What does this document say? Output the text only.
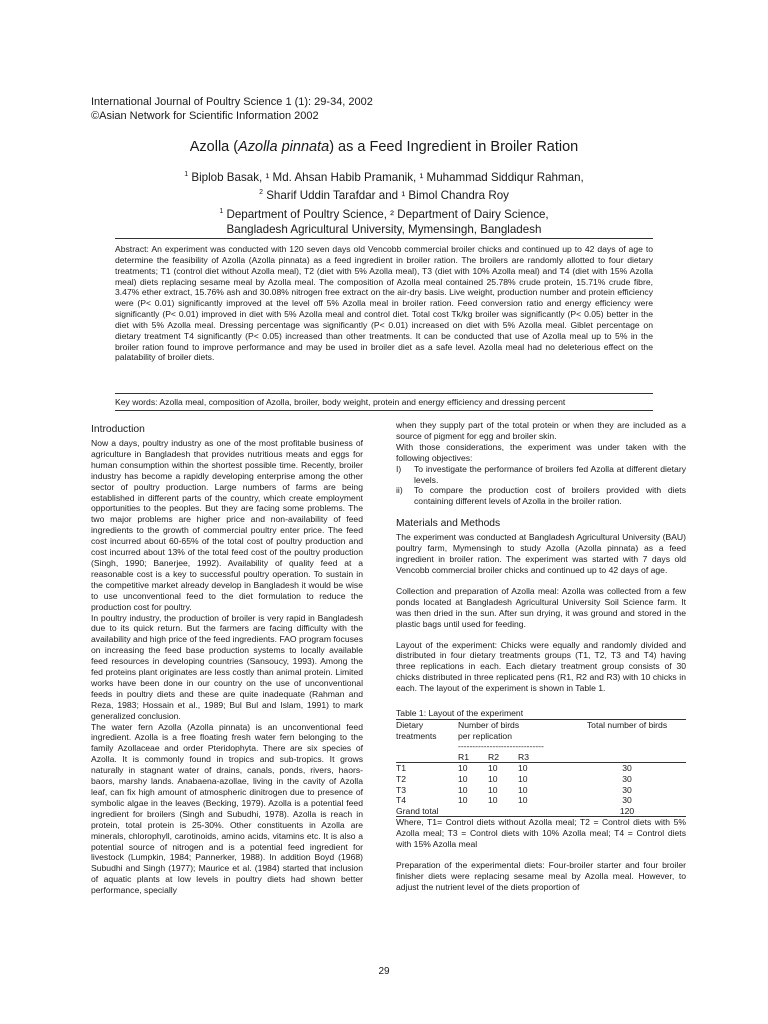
International Journal of Poultry Science 1 (1): 29-34, 2002
©Asian Network for Scientific Information 2002
Azolla (Azolla pinnata) as a Feed Ingredient in Broiler Ration
$^1$ Biplob Basak, ¹ Md. Ahsan Habib Pramanik, ¹ Muhammad Siddiqur Rahman,
$^2$ Sharif Uddin Tarafdar and ¹ Bimol Chandra Roy
$^1$ Department of Poultry Science, ² Department of Dairy Science,
Bangladesh Agricultural University, Mymensingh, Bangladesh
Abstract: An experiment was conducted with 120 seven days old Vencobb commercial broiler chicks and continued up to 42 days of age to determine the feasibility of Azolla (Azolla pinnata) as a feed ingredient in broiler ration. The broilers are randomly allotted to four dietary treatments; T1 (control diet without Azolla meal), T2 (diet with 5% Azolla meal), T3 (diet with 10% Azolla meal) and T4 (diet with 15% Azolla meal) diets replacing sesame meal by Azolla meal. The composition of Azolla meal contained 25.78% crude protein, 15.71% crude fibre, 3.47% ether extract, 15.76% ash and 30.08% nitrogen free extract on the air-dry basis. Live weight, production number and protein efficiency were (P< 0.01) significantly improved at the level off 5% Azolla meal in broiler ration. Feed conversion ratio and energy efficiency were significantly (P< 0.01) improved in diet with 5% Azolla meal and control diet. Total cost Tk/kg broiler was significantly (P< 0.05) better in the diet with 5% Azolla meal. Dressing percentage was significantly (P< 0.01) increased on diet with 5% Azolla meal. Giblet percentage on dietary treatment T4 significantly (P< 0.05) increased than other treatments. It can be conducted that use of Azolla meal up to 5% in the broiler ration found to improve performance and may be used in broiler diet as a safe level. Azolla meal had no deleterious effect on the palatability of broiler diets.
Key words: Azolla meal, composition of Azolla, broiler, body weight, protein and energy efficiency and dressing percent
Introduction

Now a days, poultry industry as one of the most profitable business of agriculture in Bangladesh that provides nutritious meats and eggs for human consumption within the shortest possible time. Recently, broiler industry has become a rapidly developing enterprise among the other sector of poultry production. Large numbers of farms are being established in different parts of the country, which create employment opportunities to the peoples. But they are facing some problems. The two major problems are higher price and non-availability of feed ingredients to the growth of commercial poultry enter price. The feed cost incurred about 60-65% of the total cost of poultry production and cost incurred about 13% of the total feed cost of the poultry production (Singh, 1990; Banerjee, 1992). Availability of quality feed at a reasonable cost is a key to successful poultry operation. To sustain in the competitive market already develop in Bangladesh it would be wise to use unconventional feed to the diet formulation to reduce the production cost for poultry.

In poultry industry, the production of broiler is very rapid in Bangladesh due to its quick return. But the farmers are facing difficulty with the availability and high price of the feed ingredients. FAO program focuses on increasing the feed base production systems to locally available feed resources in developing countries (Sansoucy, 1993). Among the fed proteins plant originates are less costly than animal protein. Limited works have been done in our country on the use of unconventional feeds in poultry diets and these are quite inadequate (Rahman and Reza, 1983; Hossain et al., 1989; Bul Bul and Islam, 1991) to mark generalized conclusion.

The water fern Azolla (Azolla pinnata) is an unconventional feed ingredient. Azolla is a free floating fresh water fern belonging to the family Azollaceae and order Pteridophyta. There are six species of Azolla. It is commonly found in tropics and sub-tropics. It grows naturally in stagnant water of drains, canals, ponds, rivers, haors-baors, marshy lands. Anabaena-azollae, living in the cavity of Azolla leaf, can fix high amount of atmospheric dinitrogen due to presence of symbolic algae in the leaves (Becking, 1979). Azolla is a potential feed ingredient for broilers (Singh and Subudhi, 1978). Azolla is reach in protein, total protein is 25-30%. Other constituents in Azolla are minerals, chlorophyll, carotinoids, amino acids, vitamins etc. It is also a potential source of nitrogen and is a potential feed ingredient for livestock (Lumpkin, 1984; Pannerker, 1988). In addition Boyd (1968) Subudhi and Singh (1977); Maurice et al. (1984) started that inclusion of aquatic plants at low levels in poultry diets had shown better performance, specially

when they supply part of the total protein or when they are included as a source of pigment for egg and broiler skin.

With those considerations, the experiment was under taken with the following objectives:

I)	To investigate the performance of broilers fed Azolla at different dietary levels.
ii)	To compare the production cost of broilers provided with diets containing different levels of Azolla in the broiler ration.
Materials and Methods

The experiment was conducted at Bangladesh Agricultural University (BAU) poultry farm, Mymensingh to study Azolla (Azolla pinnata) as a feed ingredient in broiler ration. The experiment was started with 7 days old Vencobb commercial broiler chicks and continued up to 42 days of age.

Collection and preparation of Azolla meal: Azolla was collected from a few ponds located at Bangladesh Agricultural University Soil Science farm. It was then dried in the sun. After sun drying, it was ground and stored in the plastic bags until used for feeding.

Layout of the experiment: Chicks were equally and randomly divided and distributed in four dietary treatments groups (T1, T2, T3 and T4) having three replications in each. Each dietary treatment group consists of 30 chicks distributed in three replicated pens (R1, R2 and R3) with 10 chicks in each. The layout of the experiment is shown in Table 1.

Table 1: Layout of the experiment
Dietary
treatments	Number of birds
per replication
------------------------------			Total number of birds
	R1	R2	R3	
T1	10	10	10	30
T2	10	10	10	30
T3	10	10	10	30
T4	10	10	10	30
Grand total				120

Where, T1= Control diets without Azolla meal; T2 = Control diets with 5% Azolla meal; T3 = Control diets with 10% Azolla meal; T4 = Control diets with 15% Azolla meal

Preparation of the experimental diets: Four-broiler starter and four broiler finisher diets were replacing sesame meal by Azolla meal. However, to adjust the nutrient level of the diets proportion of

29
